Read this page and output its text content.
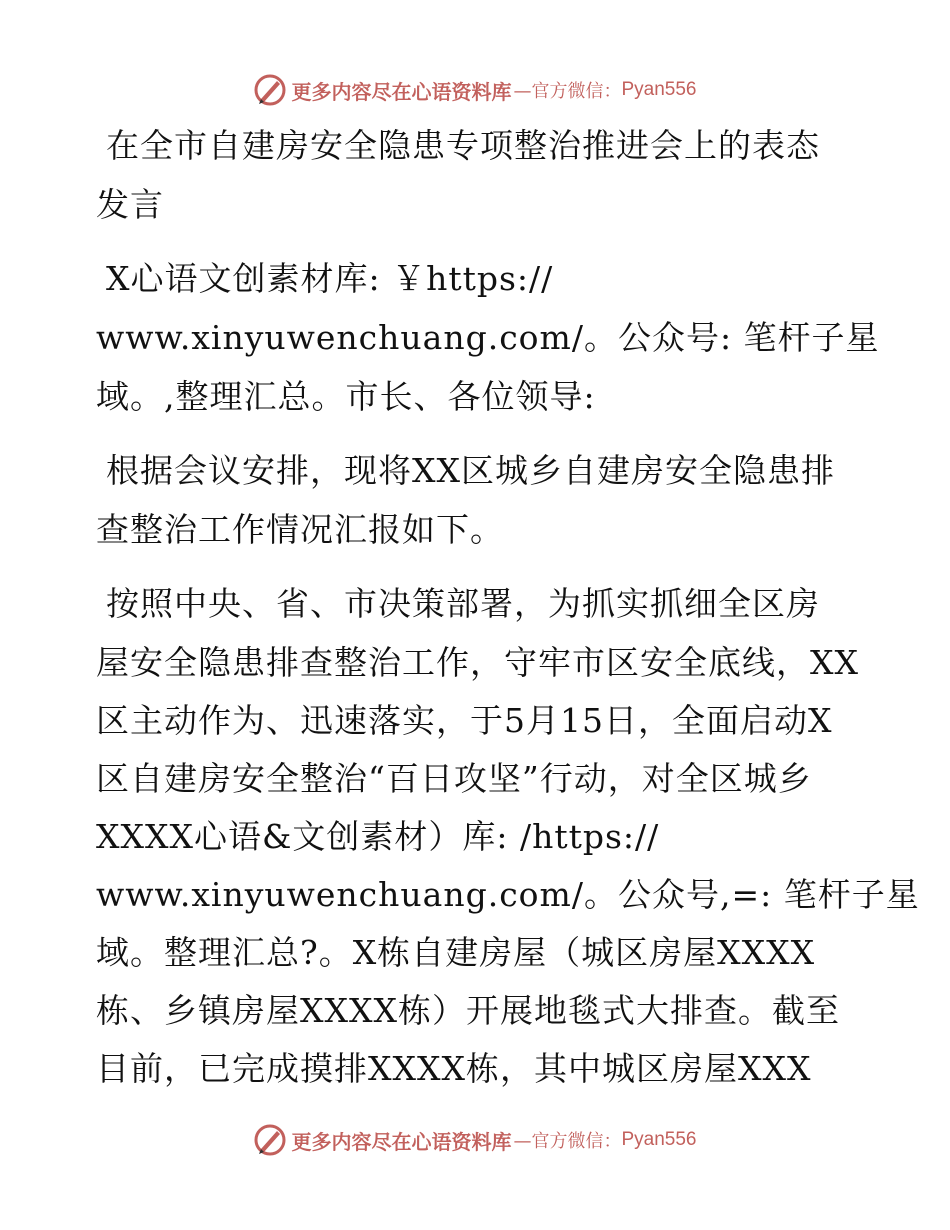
更多内容尽在心语资料库 —官方微信： Pyan556
在全市自建房安全隐患专项整治推进会上的表态
发言
X心语文创素材库: ￥https://
www.xinyuwenchuang.com/。公众号: 笔杆子星
域。,整理汇总。市长、各位领导:
根据会议安排，现将XX区城乡自建房安全隐患排
查整治工作情况汇报如下。
按照中央、省、市决策部署，为抓实抓细全区房
屋安全隐患排查整治工作，守牢市区安全底线，XX
区主动作为、迅速落实，于5月15日，全面启动X
区自建房安全整治“百日攻坚”行动，对全区城乡
XXXX心语&文创素材）库: /https://
www.xinyuwenchuang.com/。公众号,=: 笔杆子星
域。整理汇总?。X栋自建房屋（城区房屋XXXX
栋、乡镇房屋XXXX栋）开展地毯式大排查。截至
目前，已完成摸排XXXX栋，其中城区房屋XXX
更多内容尽在心语资料库 —官方微信： Pyan556
